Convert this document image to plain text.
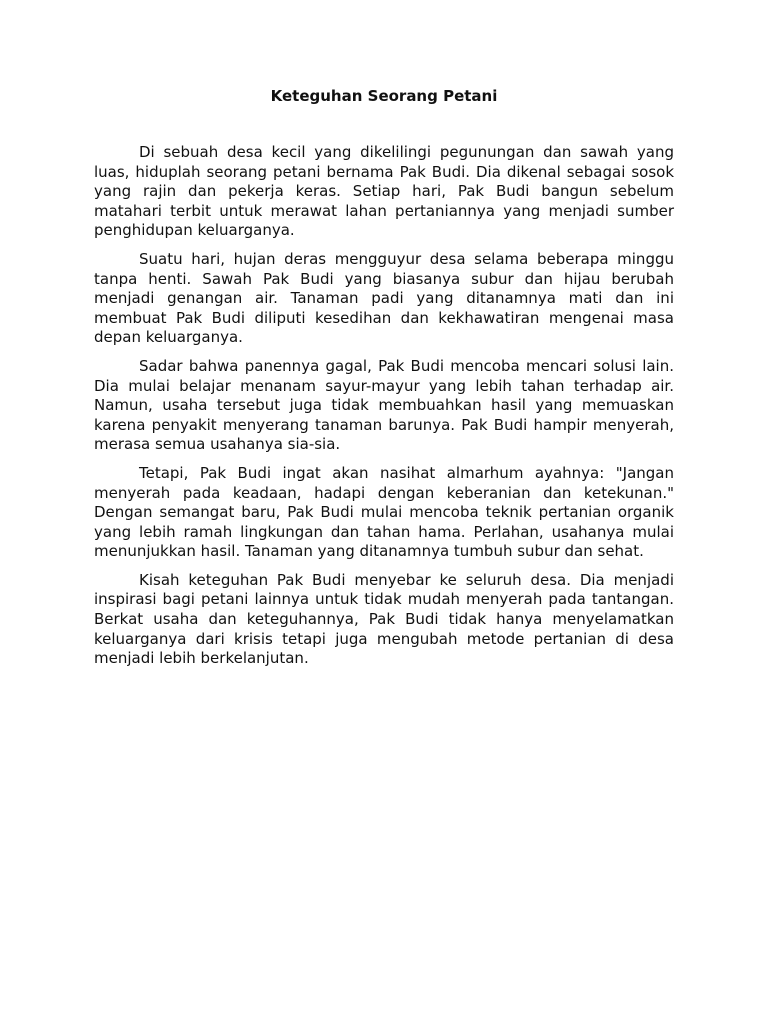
Keteguhan Seorang Petani

Di sebuah desa kecil yang dikelilingi pegunungan dan sawah yang luas, hiduplah seorang petani bernama Pak Budi. Dia dikenal sebagai sosok yang rajin dan pekerja keras. Setiap hari, Pak Budi bangun sebelum matahari terbit untuk merawat lahan pertaniannya yang menjadi sumber penghidupan keluarganya.

Suatu hari, hujan deras mengguyur desa selama beberapa minggu tanpa henti. Sawah Pak Budi yang biasanya subur dan hijau berubah menjadi genangan air. Tanaman padi yang ditanamnya mati dan ini membuat Pak Budi diliputi kesedihan dan kekhawatiran mengenai masa depan keluarganya.

Sadar bahwa panennya gagal, Pak Budi mencoba mencari solusi lain. Dia mulai belajar menanam sayur-mayur yang lebih tahan terhadap air. Namun, usaha tersebut juga tidak membuahkan hasil yang memuaskan karena penyakit menyerang tanaman barunya. Pak Budi hampir menyerah, merasa semua usahanya sia-sia.

Tetapi, Pak Budi ingat akan nasihat almarhum ayahnya: "Jangan menyerah pada keadaan, hadapi dengan keberanian dan ketekunan." Dengan semangat baru, Pak Budi mulai mencoba teknik pertanian organik yang lebih ramah lingkungan dan tahan hama. Perlahan, usahanya mulai menunjukkan hasil. Tanaman yang ditanamnya tumbuh subur dan sehat.

Kisah keteguhan Pak Budi menyebar ke seluruh desa. Dia menjadi inspirasi bagi petani lainnya untuk tidak mudah menyerah pada tantangan. Berkat usaha dan keteguhannya, Pak Budi tidak hanya menyelamatkan keluarganya dari krisis tetapi juga mengubah metode pertanian di desa menjadi lebih berkelanjutan.
